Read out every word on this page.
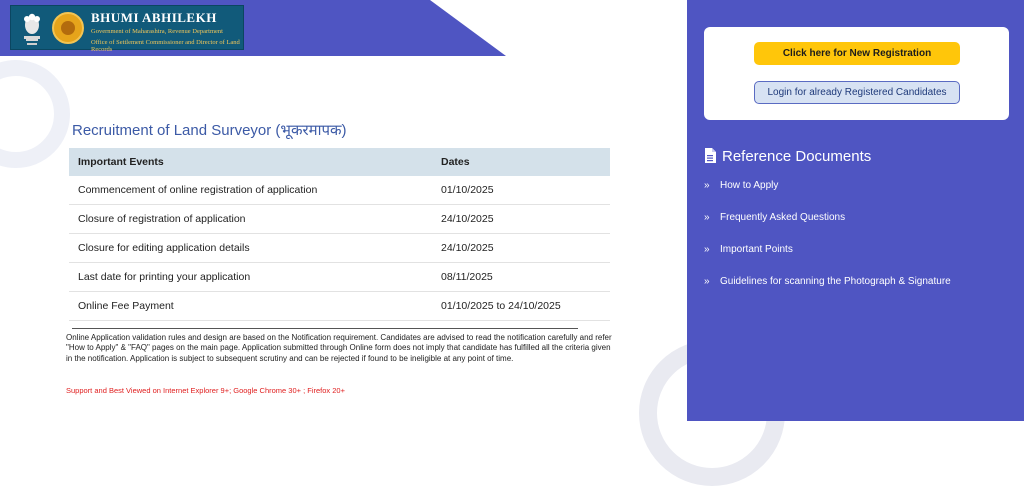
BHUMI ABHILEKH
Government of Maharashtra, Revenue Department
Office of Settlement Commissioner and Director of Land Records
Recruitment of Land Surveyor (भूकरमापक)
Important Events	Dates
Commencement of online registration of application	01/10/2025
Closure of registration of application	24/10/2025
Closure for editing application details	24/10/2025
Last date for printing your application	08/11/2025
Online Fee Payment	01/10/2025 to 24/10/2025
Online Application validation rules and design are based on the Notification requirement. Candidates are advised to read the notification carefully and refer "How to Apply" & "FAQ" pages on the main page. Application submitted through Online form does not imply that candidate has fulfilled all the criteria given in the notification. Application is subject to subsequent scrutiny and can be rejected if found to be ineligible at any point of time.
Support and Best Viewed on Internet Explorer 9+; Google Chrome 30+ ; Firefox 20+
Click here for New Registration
Login for already Registered Candidates
Reference Documents
» How to Apply
» Frequently Asked Questions
» Important Points
» Guidelines for scanning the Photograph & Signature
